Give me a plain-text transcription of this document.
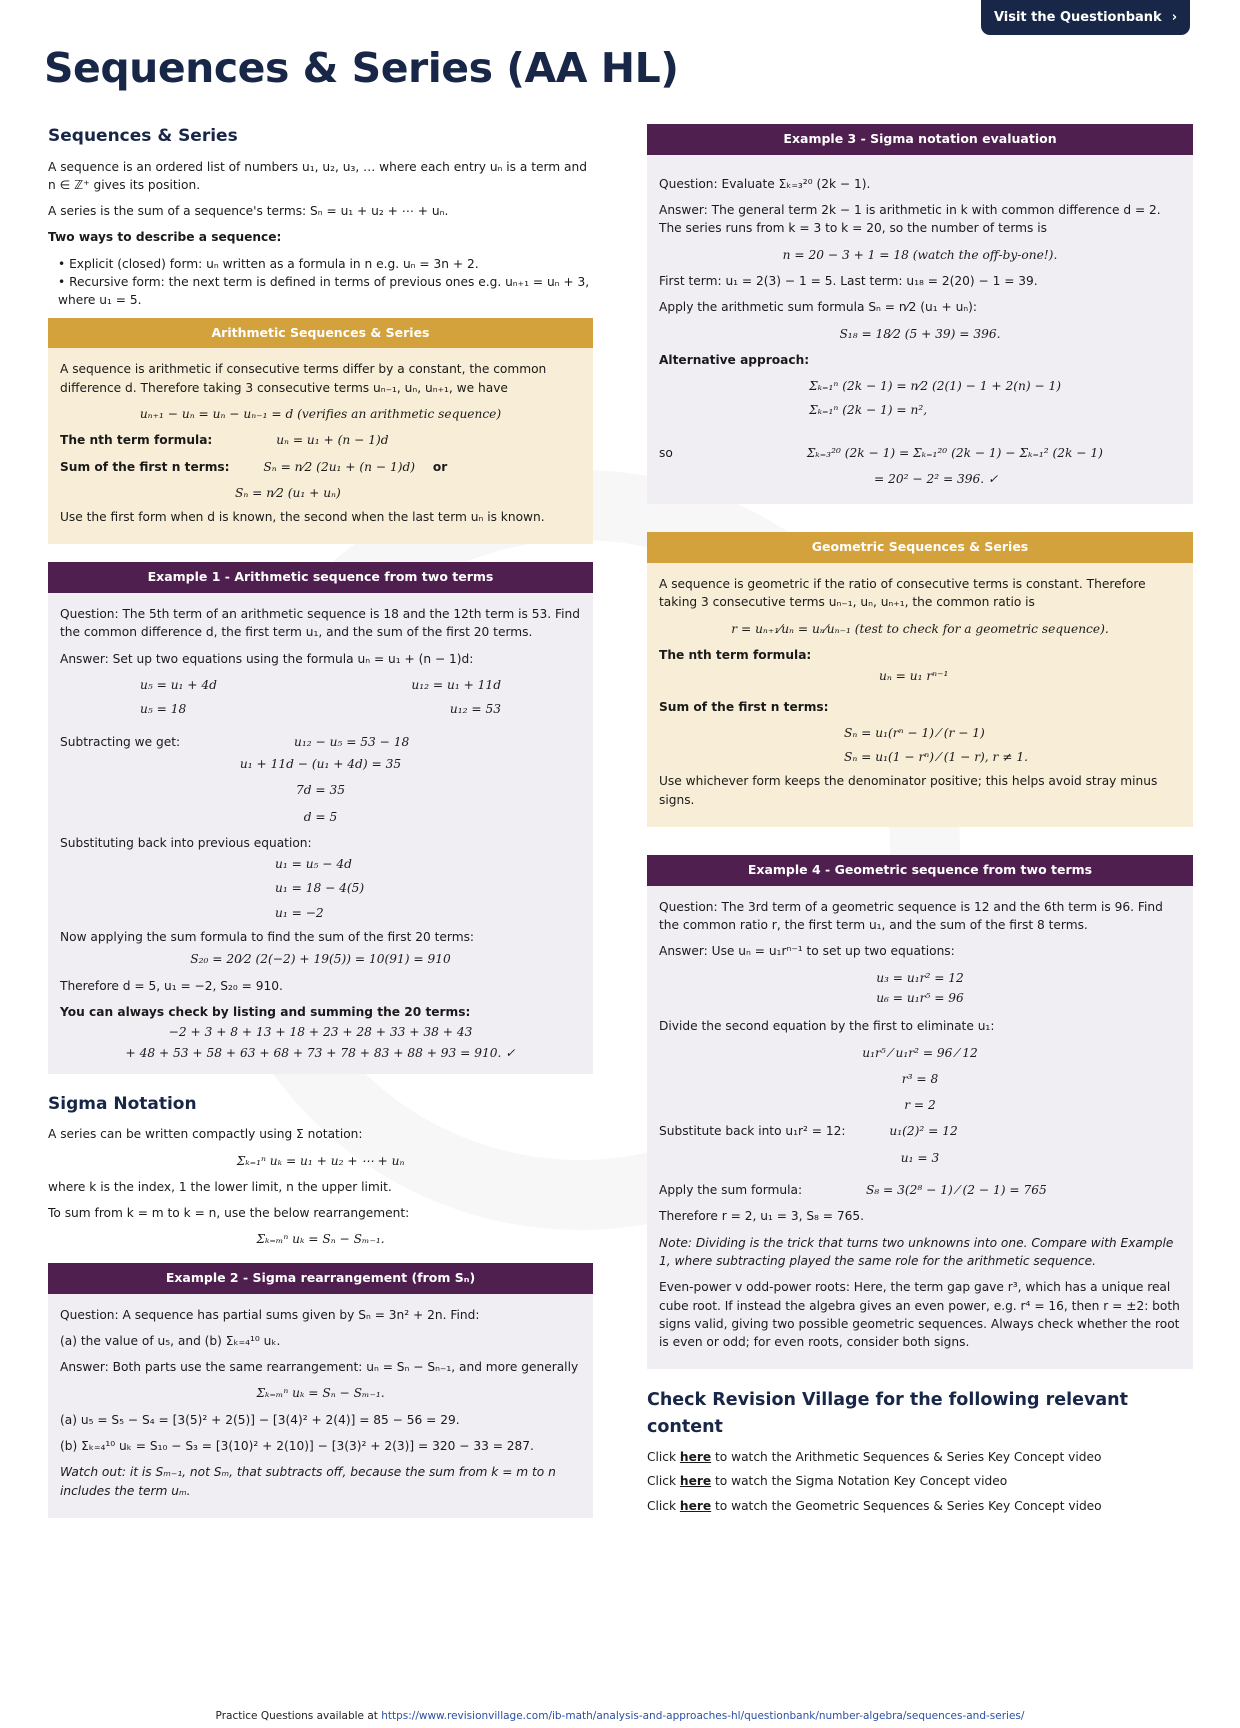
Visit the Questionbank ›
Sequences & Series (AA HL)
Sequences & Series

A sequence is an ordered list of numbers u₁, u₂, u₃, … where each entry uₙ is a term and n ∈ ℤ⁺ gives its position.

A series is the sum of a sequence's terms: Sₙ = u₁ + u₂ + ⋯ + uₙ.

Two ways to describe a sequence:

• Explicit (closed) form: uₙ written as a formula in n e.g. uₙ = 3n + 2.
• Recursive form: the next term is defined in terms of previous ones e.g. uₙ₊₁ = uₙ + 3, where u₁ = 5.
Arithmetic Sequences & Series

A sequence is arithmetic if consecutive terms differ by a constant, the common difference d. Therefore taking 3 consecutive terms uₙ₋₁, uₙ, uₙ₊₁, we have

uₙ₊₁ − uₙ = uₙ − uₙ₋₁ = d (verifies an arithmetic sequence)

The nth term formula:	uₙ = u₁ + (n − 1)d

Sum of the first n terms:	Sₙ = n⁄2 (2u₁ + (n − 1)d) or

Sₙ = n⁄2 (u₁ + uₙ)

Use the first form when d is known, the second when the last term uₙ is known.

Example 1 - Arithmetic sequence from two terms

Question: The 5th term of an arithmetic sequence is 18 and the 12th term is 53. Find the common difference d, the first term u₁, and the sum of the first 20 terms.

Answer: Set up two equations using the formula uₙ = u₁ + (n − 1)d:

u₅ = u₁ + 4d	u₁₂ = u₁ + 11d
u₅ = 18	u₁₂ = 53

Subtracting we get:	u₁₂ − u₅ = 53 − 18

u₁ + 11d − (u₁ + 4d) = 35
7d = 35
d = 5

Substituting back into previous equation:

u₁ = u₅ − 4d
u₁ = 18 − 4(5)
u₁ = −2

Now applying the sum formula to find the sum of the first 20 terms:

S₂₀ = 20⁄2 (2(−2) + 19(5)) = 10(91) = 910

Therefore d = 5, u₁ = −2, S₂₀ = 910.

You can always check by listing and summing the 20 terms:

−2 + 3 + 8 + 13 + 18 + 23 + 28 + 33 + 38 + 43
+ 48 + 53 + 58 + 63 + 68 + 73 + 78 + 83 + 88 + 93 = 910. ✓
Sigma Notation

A series can be written compactly using Σ notation:

Σₖ₌₁ⁿ uₖ = u₁ + u₂ + ⋯ + uₙ

where k is the index, 1 the lower limit, n the upper limit.

To sum from k = m to k = n, use the below rearrangement:

Σₖ₌ₘⁿ uₖ = Sₙ − Sₘ₋₁.
Example 2 - Sigma rearrangement (from Sₙ)

Question: A sequence has partial sums given by Sₙ = 3n² + 2n. Find:

(a) the value of u₅, and (b) Σₖ₌₄¹⁰ uₖ.

Answer: Both parts use the same rearrangement: uₙ = Sₙ − Sₙ₋₁, and more generally

Σₖ₌ₘⁿ uₖ = Sₙ − Sₘ₋₁.

(a) u₅ = S₅ − S₄ = [3(5)² + 2(5)] − [3(4)² + 2(4)] = 85 − 56 = 29.

(b) Σₖ₌₄¹⁰ uₖ = S₁₀ − S₃ = [3(10)² + 2(10)] − [3(3)² + 2(3)] = 320 − 33 = 287.

Watch out: it is Sₘ₋₁, not Sₘ, that subtracts off, because the sum from k = m to n includes the term uₘ.

Example 3 - Sigma notation evaluation

Question: Evaluate Σₖ₌₃²⁰ (2k − 1).

Answer: The general term 2k − 1 is arithmetic in k with common difference d = 2. The series runs from k = 3 to k = 20, so the number of terms is

n = 20 − 3 + 1 = 18 (watch the off-by-one!).

First term: u₁ = 2(3) − 1 = 5. Last term: u₁₈ = 2(20) − 1 = 39.

Apply the arithmetic sum formula Sₙ = n⁄2 (u₁ + uₙ):

S₁₈ = 18⁄2 (5 + 39) = 396.

Alternative approach:

Σₖ₌₁ⁿ (2k − 1) = n⁄2 (2(1) − 1 + 2(n) − 1)
Σₖ₌₁ⁿ (2k − 1) = n²,

so	Σₖ₌₃²⁰ (2k − 1) = Σₖ₌₁²⁰ (2k − 1) − Σₖ₌₁² (2k − 1)

= 20² − 2² = 396. ✓
Geometric Sequences & Series

A sequence is geometric if the ratio of consecutive terms is constant. Therefore taking 3 consecutive terms uₙ₋₁, uₙ, uₙ₊₁, the common ratio is

r = uₙ₊₁⁄uₙ = uₙ⁄uₙ₋₁ (test to check for a geometric sequence).

The nth term formula:

uₙ = u₁ rⁿ⁻¹

Sum of the first n terms:

Sₙ = u₁(rⁿ − 1) ⁄ (r − 1)
Sₙ = u₁(1 − rⁿ) ⁄ (1 − r), r ≠ 1.

Use whichever form keeps the denominator positive; this helps avoid stray minus signs.

Example 4 - Geometric sequence from two terms

Question: The 3rd term of a geometric sequence is 12 and the 6th term is 96. Find the common ratio r, the first term u₁, and the sum of the first 8 terms.

Answer: Use uₙ = u₁rⁿ⁻¹ to set up two equations:

u₃ = u₁r² = 12
u₆ = u₁r⁵ = 96

Divide the second equation by the first to eliminate u₁:

u₁r⁵ ⁄ u₁r² = 96 ⁄ 12
r³ = 8
r = 2

Substitute back into u₁r² = 12:	u₁(2)² = 12

u₁ = 3

Apply the sum formula:	S₈ = 3(2⁸ − 1) ⁄ (2 − 1) = 765

Therefore r = 2, u₁ = 3, S₈ = 765.

Note: Dividing is the trick that turns two unknowns into one. Compare with Example 1, where subtracting played the same role for the arithmetic sequence.

Even-power v odd-power roots: Here, the term gap gave r³, which has a unique real cube root. If instead the algebra gives an even power, e.g. r⁴ = 16, then r = ±2: both signs valid, giving two possible geometric sequences. Always check whether the root is even or odd; for even roots, consider both signs.

Check Revision Village for the following relevant content

Click here to watch the Arithmetic Sequences & Series Key Concept video

Click here to watch the Sigma Notation Key Concept video

Click here to watch the Geometric Sequences & Series Key Concept video

Practice Questions available at https://www.revisionvillage.com/ib-math/analysis-and-approaches-hl/questionbank/number-algebra/sequences-and-series/
